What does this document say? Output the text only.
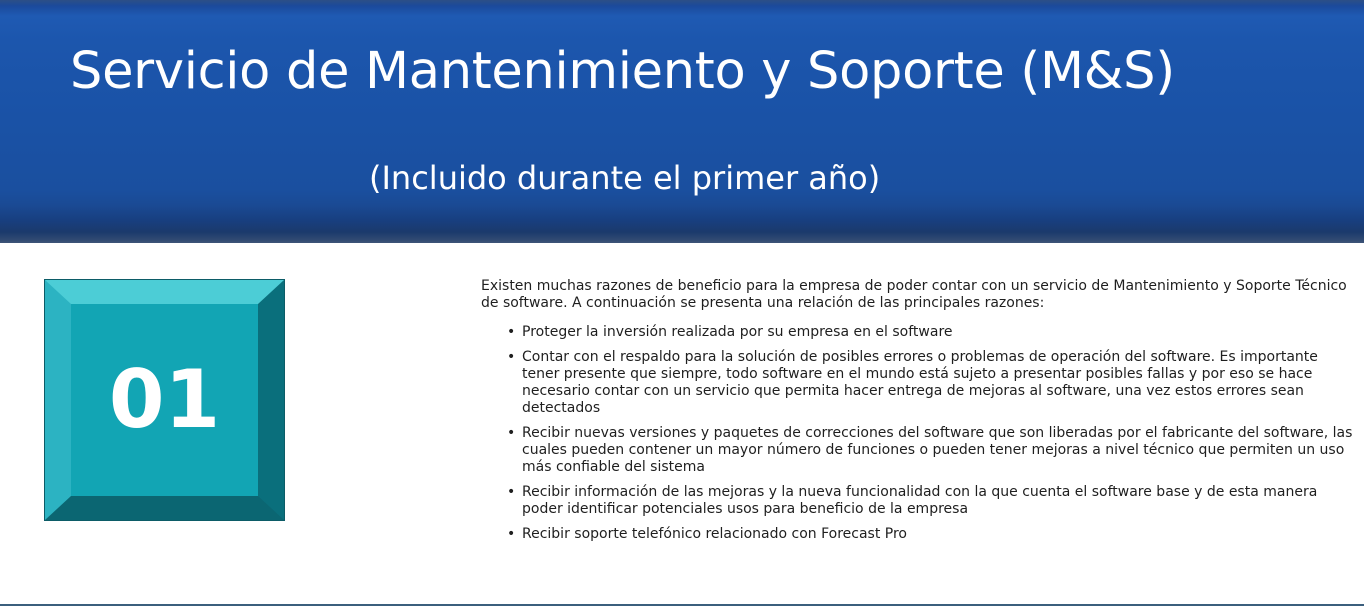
Servicio de Mantenimiento y Soporte (M&S)
(Incluido durante el primer año)
01

Existen muchas razones de beneficio para la empresa de poder contar con un servicio de Mantenimiento y Soporte Técnico de software. A continuación se presenta una relación de las principales razones:

• Proteger la inversión realizada por su empresa en el software
• Contar con el respaldo para la solución de posibles errores o problemas de operación del software. Es importante tener presente que siempre, todo software en el mundo está sujeto a presentar posibles fallas y por eso se hace necesario contar con un servicio que permita hacer entrega de mejoras al software, una vez estos errores sean detectados
• Recibir nuevas versiones y paquetes de correcciones del software que son liberadas por el fabricante del software, las cuales pueden contener un mayor número de funciones o pueden tener mejoras a nivel técnico que permiten un uso más confiable del sistema
• Recibir información de las mejoras y la nueva funcionalidad con la que cuenta el software base y de esta manera poder identificar potenciales usos para beneficio de la empresa
• Recibir soporte telefónico relacionado con Forecast Pro
